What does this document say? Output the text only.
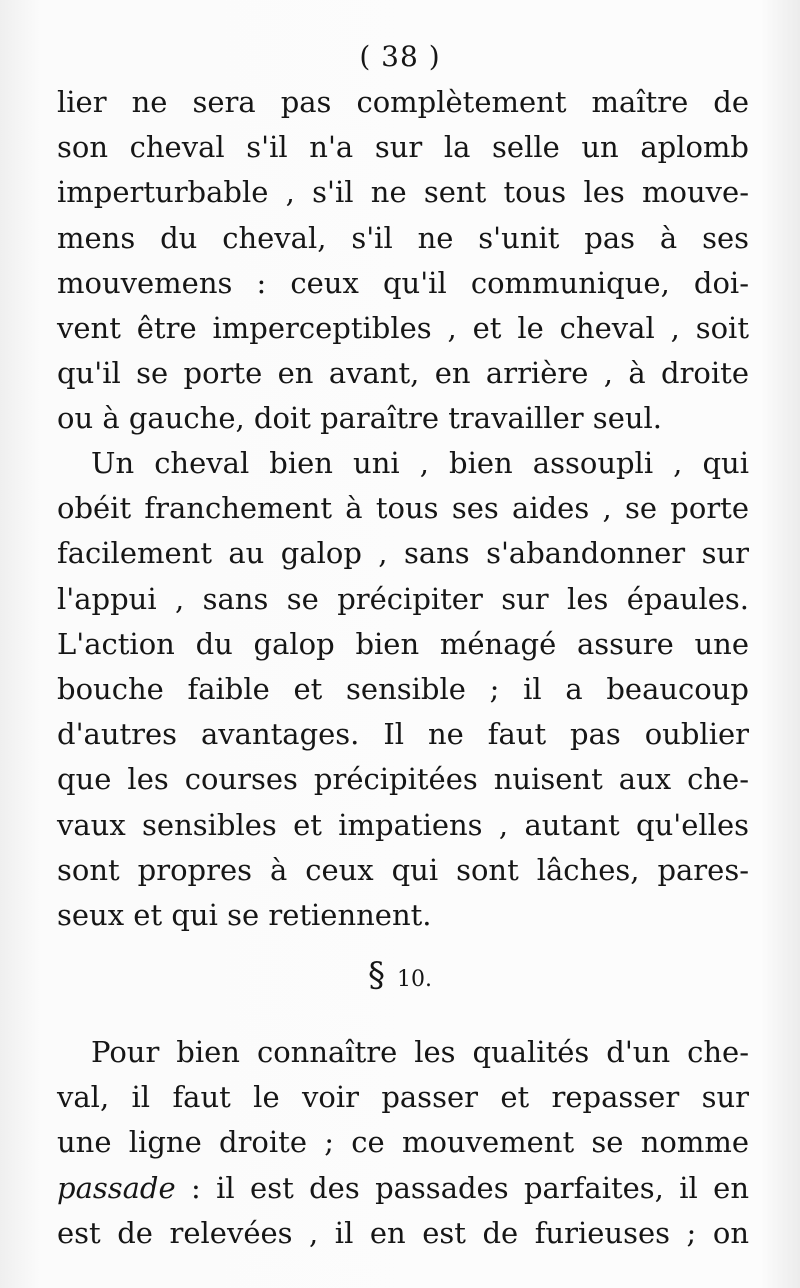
( 38 )
lier ne sera pas complètement maître de
son cheval s'il n'a sur la selle un aplomb
imperturbable , s'il ne sent tous les mouve-
mens du cheval, s'il ne s'unit pas à ses
mouvemens : ceux qu'il communique, doi-
vent être imperceptibles , et le cheval , soit
qu'il se porte en avant, en arrière , à droite
ou à gauche, doit paraître travailler seul.
Un cheval bien uni , bien assoupli , qui
obéit franchement à tous ses aides , se porte
facilement au galop , sans s'abandonner sur
l'appui , sans se précipiter sur les épaules.
L'action du galop bien ménagé assure une
bouche faible et sensible ; il a beaucoup
d'autres avantages. Il ne faut pas oublier
que les courses précipitées nuisent aux che-
vaux sensibles et impatiens , autant qu'elles
sont propres à ceux qui sont lâches, pares-
seux et qui se retiennent.
§ 10.
Pour bien connaître les qualités d'un che-
val, il faut le voir passer et repasser sur
une ligne droite ; ce mouvement se nomme
passade : il est des passades parfaites, il en
est de relevées , il en est de furieuses ; on
